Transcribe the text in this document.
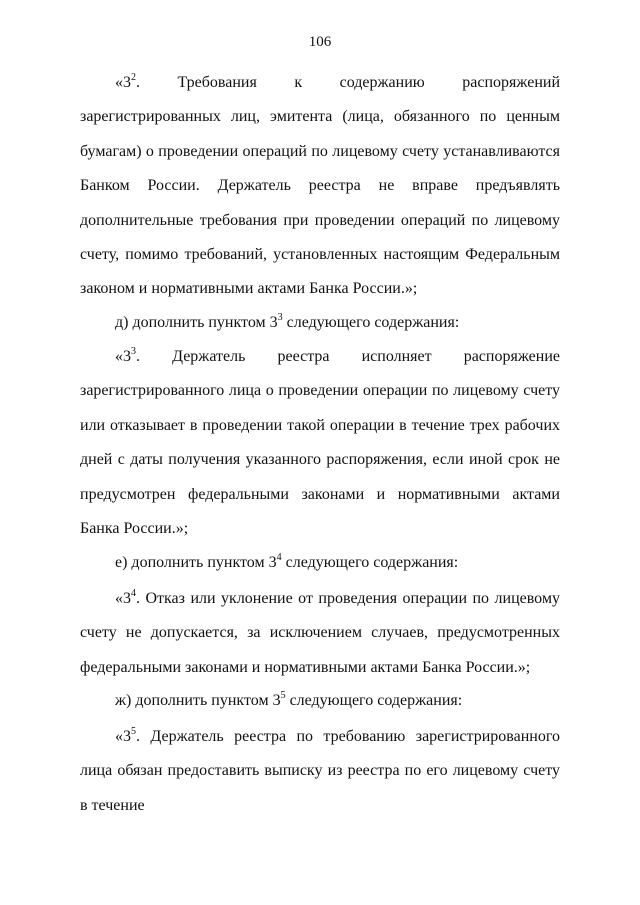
106

«$3^2$. Требования к содержанию распоряжений зарегистрированных лиц, эмитента (лица, обязанного по ценным бумагам) о проведении операций по лицевому счету устанавливаются Банком России. Держатель реестра не вправе предъявлять дополнительные требования при проведении операций по лицевому счету, помимо требований, установленных настоящим Федеральным законом и нормативными актами Банка России.»;

д) дополнить пунктом $3^3$ следующего содержания:

«$3^3$. Держатель реестра исполняет распоряжение зарегистрированного лица о проведении операции по лицевому счету или отказывает в проведении такой операции в течение трех рабочих дней с даты получения указанного распоряжения, если иной срок не предусмотрен федеральными законами и нормативными актами Банка России.»;

е) дополнить пунктом $3^4$ следующего содержания:

«$3^4$. Отказ или уклонение от проведения операции по лицевому счету не допускается, за исключением случаев, предусмотренных федеральными законами и нормативными актами Банка России.»;

ж) дополнить пунктом $3^5$ следующего содержания:

«$3^5$. Держатель реестра по требованию зарегистрированного лица обязан предоставить выписку из реестра по его лицевому счету в течение
